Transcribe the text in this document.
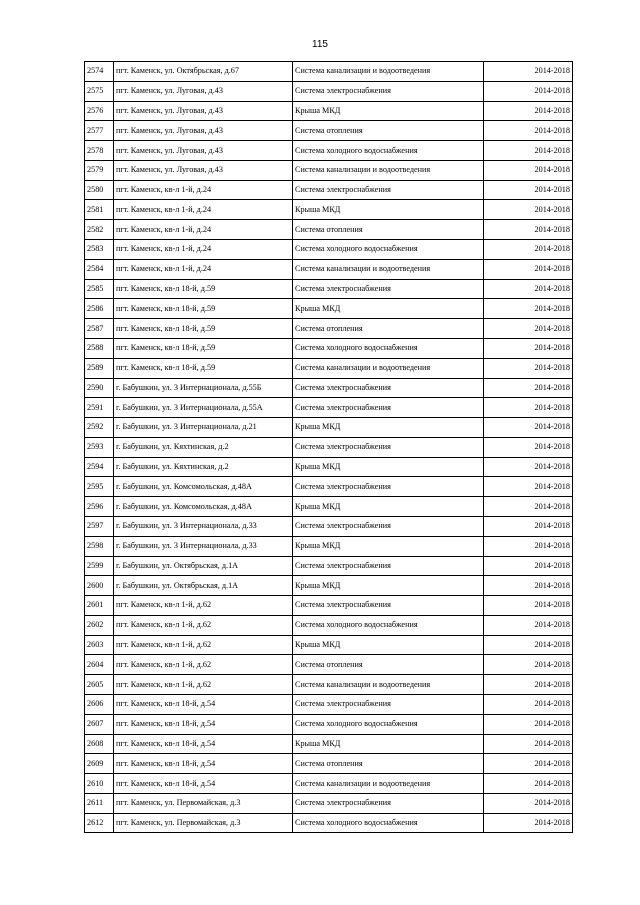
115
2574	пгт. Каменск, ул. Октябрьская, д.67	Система канализации и водоотведения	2014-2018
2575	пгт. Каменск, ул. Луговая, д.43	Система электроснабжения	2014-2018
2576	пгт. Каменск, ул. Луговая, д.43	Крыша МКД	2014-2018
2577	пгт. Каменск, ул. Луговая, д.43	Система отопления	2014-2018
2578	пгт. Каменск, ул. Луговая, д.43	Система холодного водоснабжения	2014-2018
2579	пгт. Каменск, ул. Луговая, д.43	Система канализации и водоотведения	2014-2018
2580	пгт. Каменск, кв-л 1-й, д.24	Система электроснабжения	2014-2018
2581	пгт. Каменск, кв-л 1-й, д.24	Крыша МКД	2014-2018
2582	пгт. Каменск, кв-л 1-й, д.24	Система отопления	2014-2018
2583	пгт. Каменск, кв-л 1-й, д.24	Система холодного водоснабжения	2014-2018
2584	пгт. Каменск, кв-л 1-й, д.24	Система канализации и водоотведения	2014-2018
2585	пгт. Каменск, кв-л 18-й, д.59	Система электроснабжения	2014-2018
2586	пгт. Каменск, кв-л 18-й, д.59	Крыша МКД	2014-2018
2587	пгт. Каменск, кв-л 18-й, д.59	Система отопления	2014-2018
2588	пгт. Каменск, кв-л 18-й, д.59	Система холодного водоснабжения	2014-2018
2589	пгт. Каменск, кв-л 18-й, д.59	Система канализации и водоотведения	2014-2018
2590	г. Бабушкин, ул. 3 Интернационала, д.55Б	Система электроснабжения	2014-2018
2591	г. Бабушкин, ул. 3 Интернационала, д.55А	Система электроснабжения	2014-2018
2592	г. Бабушкин, ул. 3 Интернационала, д.21	Крыша МКД	2014-2018
2593	г. Бабушкин, ул. Кяхтинская, д.2	Система электроснабжения	2014-2018
2594	г. Бабушкин, ул. Кяхтинская, д.2	Крыша МКД	2014-2018
2595	г. Бабушкин, ул. Комсомольская, д.48А	Система электроснабжения	2014-2018
2596	г. Бабушкин, ул. Комсомольская, д.48А	Крыша МКД	2014-2018
2597	г. Бабушкин, ул. 3 Интернационала, д.33	Система электроснабжения	2014-2018
2598	г. Бабушкин, ул. 3 Интернационала, д.33	Крыша МКД	2014-2018
2599	г. Бабушкин, ул. Октябрьская, д.1А	Система электроснабжения	2014-2018
2600	г. Бабушкин, ул. Октябрьская, д.1А	Крыша МКД	2014-2018
2601	пгт. Каменск, кв-л 1-й, д.62	Система электроснабжения	2014-2018
2602	пгт. Каменск, кв-л 1-й, д.62	Система холодного водоснабжения	2014-2018
2603	пгт. Каменск, кв-л 1-й, д.62	Крыша МКД	2014-2018
2604	пгт. Каменск, кв-л 1-й, д.62	Система отопления	2014-2018
2605	пгт. Каменск, кв-л 1-й, д.62	Система канализации и водоотведения	2014-2018
2606	пгт. Каменск, кв-л 18-й, д.54	Система электроснабжения	2014-2018
2607	пгт. Каменск, кв-л 18-й, д.54	Система холодного водоснабжения	2014-2018
2608	пгт. Каменск, кв-л 18-й, д.54	Крыша МКД	2014-2018
2609	пгт. Каменск, кв-л 18-й, д.54	Система отопления	2014-2018
2610	пгт. Каменск, кв-л 18-й, д.54	Система канализации и водоотведения	2014-2018
2611	пгт. Каменск, ул. Первомайская, д.3	Система электроснабжения	2014-2018
2612	пгт. Каменск, ул. Первомайская, д.3	Система холодного водоснабжения	2014-2018
